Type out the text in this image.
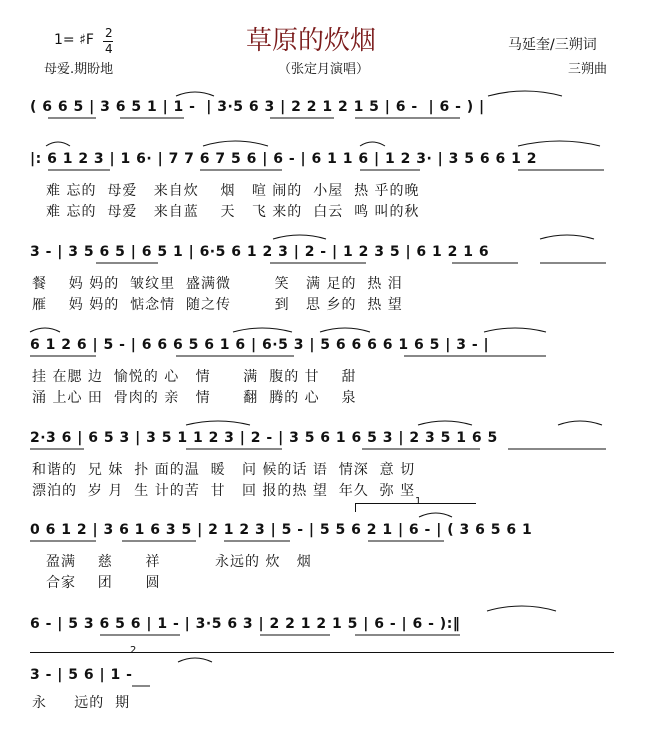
1= ♯F 2
4	草原的炊烟	马延奎/三朔词
母爱.期盼地	（张定月演唱）	三朔曲
( 6 6 5 | 3 6 5 1 | 1 -  | 3·5 6 3 | 2 2 1 2 1 5 | 6 -  | 6 - ) |
|: 6 1 2 3 | 1 6· | 7 7 6 7 5 6 | 6 - | 6 1 1 6 | 1 2 3· | 3 5 6 6 1 2
难 忘的  母爱   来自炊    烟   喧 闹的  小屋  热 乎的晚
难 忘的  母爱   来自蓝    天   飞 来的  白云  鸣 叫的秋
3 - | 3 5 6 5 | 6 5 1 | 6·5 6 1 2 3 | 2 - | 1 2 3 5 | 6 1 2 1 6
餐    妈 妈的  皱纹里  盛满微        笑   满 足的  热 泪
雁    妈 妈的  惦念情  随之传        到   思 乡的  热 望
6 1 2 6 | 5 - | 6 6 6 5 6 1 6 | 6·5 3 | 5 6 6 6 6 1 6 5 | 3 - |
挂 在腮 边  愉悦的 心   情      满  腹的 甘    甜
涌 上心 田  骨肉的 亲   情      翻  腾的 心    泉
2·3 6 | 6 5 3 | 3 5 1 1 2 3 | 2 - | 3 5 6 1 6 5 3 | 2 3 5 1 6 5
和谐的  兄 妹  扑 面的温  暖   问 候的话 语  情深  意 切
漂泊的  岁 月  生 计的苦  甘   回 报的热 望  年久  弥 坚
0 6 1 2 | 3 6 1 6 3 5 | 2 1 2 3 | 5 - | 5 5 6 2 1 | 6 - | ( 3 6 5 6 1
盈满    慈      祥          永远的 炊   烟
合家    团      圆
6 - | 5 3 6 5 6 | 1 - | 3·5 6 3 | 2 2 1 2 1 5 | 6 - | 6 - ):‖
3 - | 5 6 | 1 -
永     远的  期
1
2
